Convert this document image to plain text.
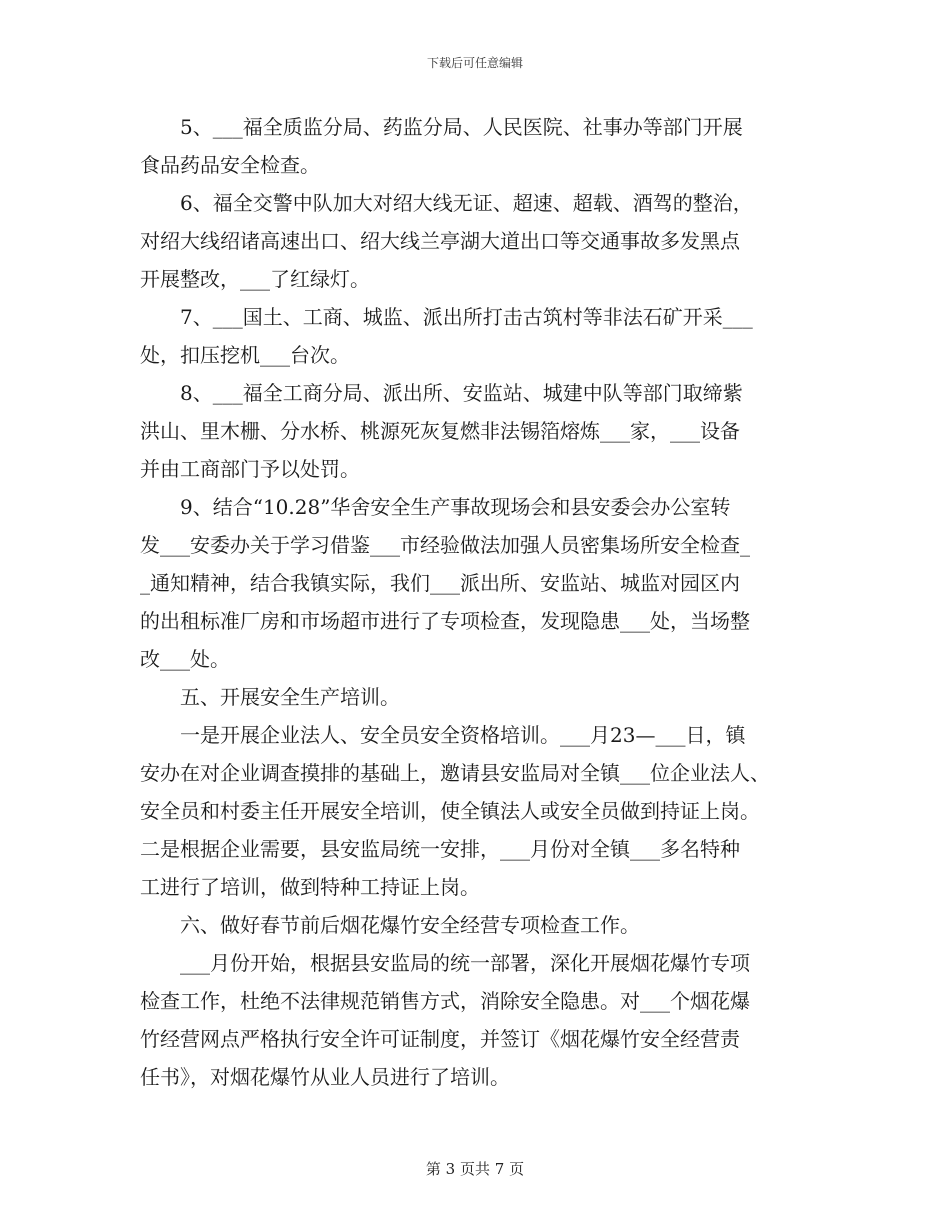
下载后可任意编辑
　　5、___福全质监分局、药监分局、人民医院、社事办等部门开展
食品药品安全检查。
　　6、福全交警中队加大对绍大线无证、超速、超载、酒驾的整治，
对绍大线绍诸高速出口、绍大线兰亭湖大道出口等交通事故多发黑点
开展整改，___了红绿灯。
　　7、___国土、工商、城监、派出所打击古筑村等非法石矿开采___
处，扣压挖机___台次。
　　8、___福全工商分局、派出所、安监站、城建中队等部门取缔紫
洪山、里木栅、分水桥、桃源死灰复燃非法锡箔熔炼___家，___设备
并由工商部门予以处罚。
　　9、结合“10.28”华舍安全生产事故现场会和县安委会办公室转
发___安委办关于学习借鉴___市经验做法加强人员密集场所安全检查_
_通知精神，结合我镇实际，我们___派出所、安监站、城监对园区内
的出租标准厂房和市场超市进行了专项检查，发现隐患___处，当场整
改___处。
　　五、开展安全生产培训。
　　一是开展企业法人、安全员安全资格培训。___月23—___日，镇
安办在对企业调查摸排的基础上，邀请县安监局对全镇___位企业法人、
安全员和村委主任开展安全培训，使全镇法人或安全员做到持证上岗。
二是根据企业需要，县安监局统一安排，___月份对全镇___多名特种
工进行了培训，做到特种工持证上岗。
　　六、做好春节前后烟花爆竹安全经营专项检查工作。
　　___月份开始，根据县安监局的统一部署，深化开展烟花爆竹专项
检查工作，杜绝不法律规范销售方式，消除安全隐患。对___个烟花爆
竹经营网点严格执行安全许可证制度，并签订《烟花爆竹安全经营责
任书》，对烟花爆竹从业人员进行了培训。
第 3 页共 7 页
